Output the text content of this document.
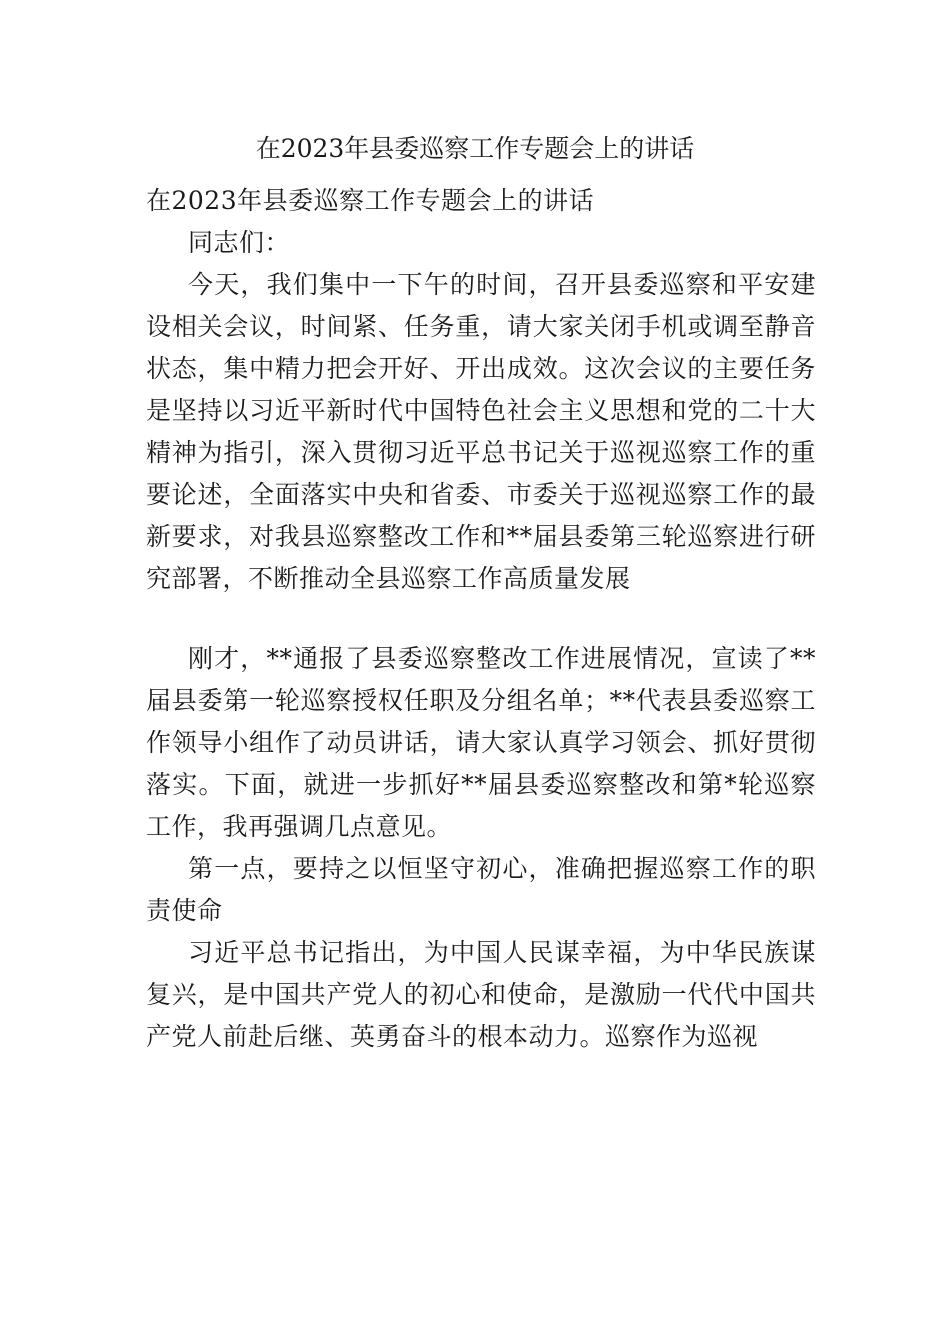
在2023年县委巡察工作专题会上的讲话

在2023年县委巡察工作专题会上的讲话

同志们：

今天，我们集中一下午的时间，召开县委巡察和平安建设相关会议，时间紧、任务重，请大家关闭手机或调至静音状态，集中精力把会开好、开出成效。这次会议的主要任务是坚持以习近平新时代中国特色社会主义思想和党的二十大精神为指引，深入贯彻习近平总书记关于巡视巡察工作的重要论述，全面落实中央和省委、市委关于巡视巡察工作的最新要求，对我县巡察整改工作和**届县委第三轮巡察进行研究部署，不断推动全县巡察工作高质量发展

刚才，**通报了县委巡察整改工作进展情况，宣读了**届县委第一轮巡察授权任职及分组名单；**代表县委巡察工作领导小组作了动员讲话，请大家认真学习领会、抓好贯彻落实。下面，就进一步抓好**届县委巡察整改和第*轮巡察工作，我再强调几点意见。

第一点，要持之以恒坚守初心，准确把握巡察工作的职责使命

习近平总书记指出，为中国人民谋幸福，为中华民族谋复兴，是中国共产党人的初心和使命，是激励一代代中国共产党人前赴后继、英勇奋斗的根本动力。巡察作为巡视
